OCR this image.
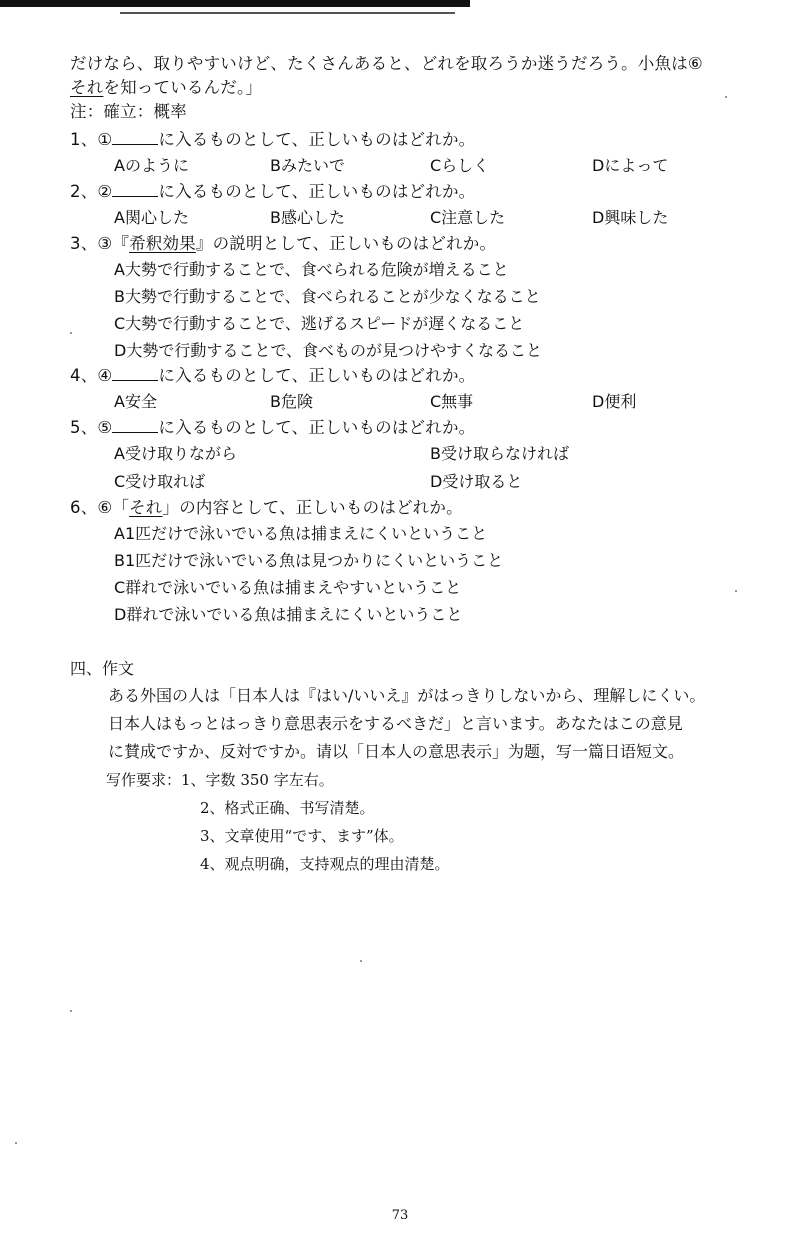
だけなら、取りやすいけど、たくさんあると、どれを取ろうか迷うだろう。小魚は⑥
それを知っているんだ。」
注：確立：概率
1、①	に入るものとして、正しいものはどれか。
Aのように	Bみたいで	Cらしく	Dによって
2、②	に入るものとして、正しいものはどれか。
A関心した	B感心した	C注意した	D興味した
3、③『希釈効果』の説明として、正しいものはどれか。
A大勢で行動することで、食べられる危険が増えること
B大勢で行動することで、食べられることが少なくなること
C大勢で行動することで、逃げるスピードが遅くなること
D大勢で行動することで、食べものが見つけやすくなること
4、④	に入るものとして、正しいものはどれか。
A安全	B危険	C無事	D便利
5、⑤	に入るものとして、正しいものはどれか。
A受け取りながら	B受け取らなければ
C受け取れば	D受け取ると
6、⑥「それ」の内容として、正しいものはどれか。
A1匹だけで泳いでいる魚は捕まえにくいということ
B1匹だけで泳いでいる魚は見つかりにくいということ
C群れで泳いでいる魚は捕まえやすいということ
D群れで泳いでいる魚は捕まえにくいということ
四、作文
ある外国の人は「日本人は『はい/いいえ』がはっきりしないから、理解しにくい。
日本人はもっとはっきり意思表示をするべきだ」と言います。あなたはこの意見
に賛成ですか、反対ですか。请以「日本人の意思表示」为题，写一篇日语短文。
写作要求：1、字数 350 字左右。
2、格式正确、书写清楚。
3、文章使用“です、ます”体。
4、观点明确，支持观点的理由清楚。
73
